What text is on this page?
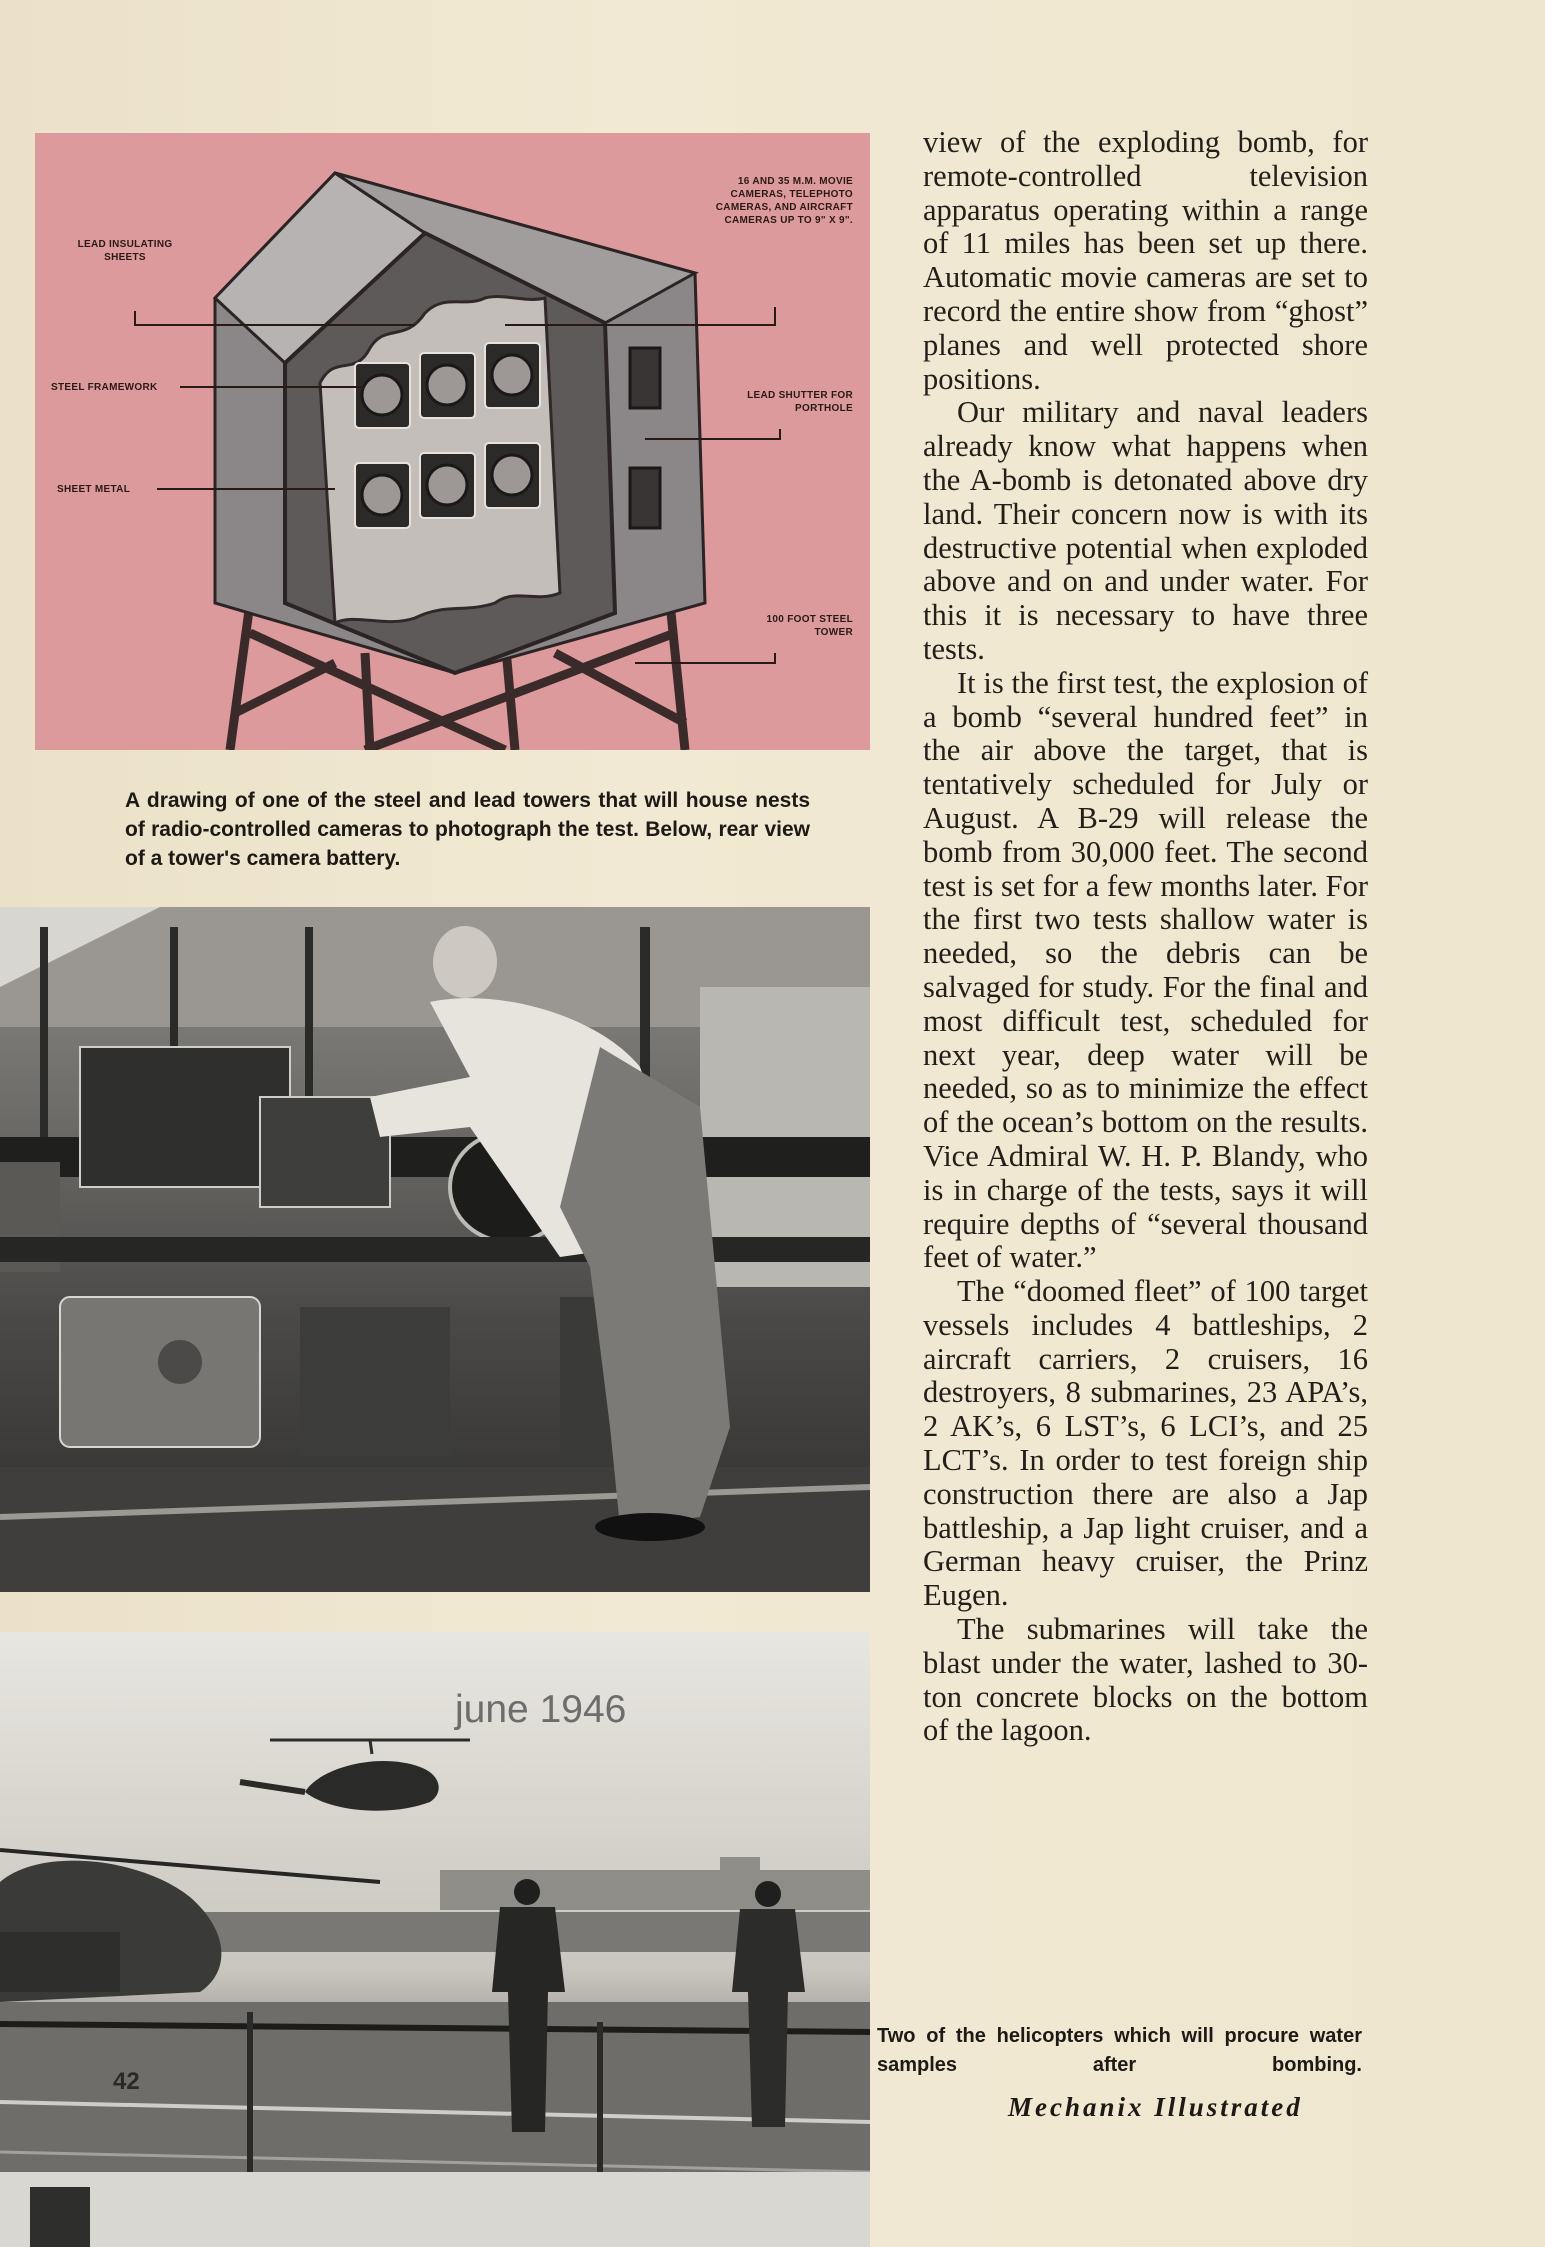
LEAD INSULATING SHEETS
STEEL FRAMEWORK
SHEET METAL
16 AND 35 M.M. MOVIE CAMERAS, TELEPHOTO CAMERAS, AND AIRCRAFT CAMERAS UP TO 9" X 9".
LEAD SHUTTER FOR PORTHOLE
100 FOOT STEEL TOWER
A drawing of one of the steel and lead towers that will house nests of radio-controlled cameras to photograph the test. Below, rear view of a tower's camera battery.
june 1946
42

view of the exploding bomb, for remote-controlled television apparatus operating within a range of 11 miles has been set up there. Automatic movie cameras are set to record the entire show from “ghost” planes and well protected shore positions.

Our military and naval leaders already know what happens when the A-bomb is detonated above dry land. Their concern now is with its destructive potential when exploded above and on and under water. For this it is necessary to have three tests.

It is the first test, the explosion of a bomb “several hundred feet” in the air above the target, that is tentatively scheduled for July or August. A B-29 will release the bomb from 30,000 feet. The second test is set for a few months later. For the first two tests shallow water is needed, so the debris can be salvaged for study. For the final and most difficult test, scheduled for next year, deep water will be needed, so as to minimize the effect of the ocean’s bottom on the results. Vice Admiral W. H. P. Blandy, who is in charge of the tests, says it will require depths of “several thousand feet of water.”

The “doomed fleet” of 100 target vessels includes 4 battleships, 2 aircraft carriers, 2 cruisers, 16 destroyers, 8 submarines, 23 APA’s, 2 AK’s, 6 LST’s, 6 LCI’s, and 25 LCT’s. In order to test foreign ship construction there are also a Jap battleship, a Jap light cruiser, and a German heavy cruiser, the Prinz Eugen.

The submarines will take the blast under the water, lashed to 30-ton concrete blocks on the bottom of the lagoon.

Two of the helicopters which will procure water samples after bombing.
Mechanix Illustrated
